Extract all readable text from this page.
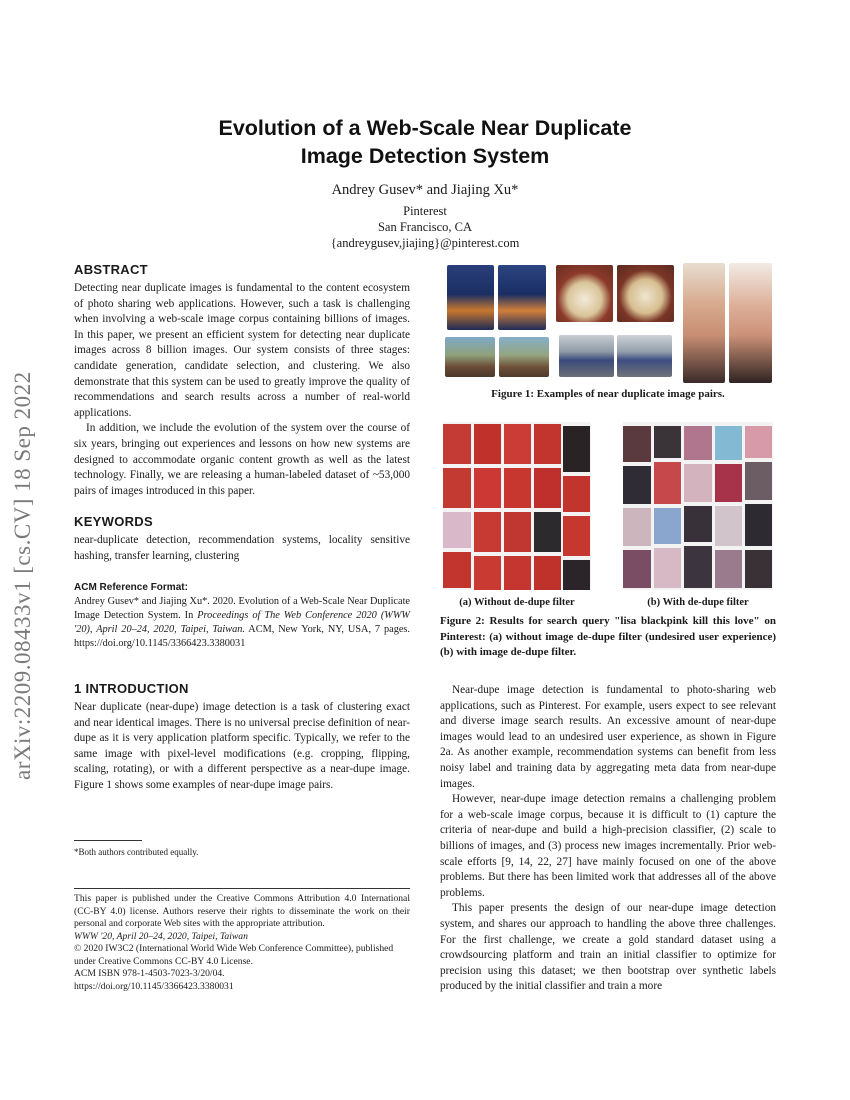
arXiv:2209.08433v1 [cs.CV] 18 Sep 2022
Evolution of a Web-Scale Near Duplicate
Image Detection System
Andrey Gusev* and Jiajing Xu*
Pinterest
San Francisco, CA
{andreygusev,jiajing}@pinterest.com
ABSTRACT

Detecting near duplicate images is fundamental to the content ecosystem of photo sharing web applications. However, such a task is challenging when involving a web-scale image corpus containing billions of images. In this paper, we present an efficient system for detecting near duplicate images across 8 billion images. Our system consists of three stages: candidate generation, candidate selection, and clustering. We also demonstrate that this system can be used to greatly improve the quality of recommendations and search results across a number of real-world applications.

In addition, we include the evolution of the system over the course of six years, bringing out experiences and lessons on how new systems are designed to accommodate organic content growth as well as the latest technology. Finally, we are releasing a human-labeled dataset of ~53,000 pairs of images introduced in this paper.

KEYWORDS

near-duplicate detection, recommendation systems, locality sensitive hashing, transfer learning, clustering

ACM Reference Format:

Andrey Gusev* and Jiajing Xu*. 2020. Evolution of a Web-Scale Near Duplicate Image Detection System. In Proceedings of The Web Conference 2020 (WWW '20), April 20–24, 2020, Taipei, Taiwan. ACM, New York, NY, USA, 7 pages. https://doi.org/10.1145/3366423.3380031

1 INTRODUCTION

Near duplicate (near-dupe) image detection is a task of clustering exact and near identical images. There is no universal precise definition of near-dupe as it is very application platform specific. Typically, we refer to the same image with pixel-level modifications (e.g. cropping, flipping, scaling, rotating), or with a different perspective as a near-dupe image. Figure 1 shows some examples of near-dupe image pairs.

*Both authors contributed equally.
This paper is published under the Creative Commons Attribution 4.0 International (CC-BY 4.0) license. Authors reserve their rights to disseminate the work on their personal and corporate Web sites with the appropriate attribution.
WWW '20, April 20–24, 2020, Taipei, Taiwan
© 2020 IW3C2 (International World Wide Web Conference Committee), published under Creative Commons CC-BY 4.0 License.
ACM ISBN 978-1-4503-7023-3/20/04.
https://doi.org/10.1145/3366423.3380031
Figure 1: Examples of near duplicate image pairs.
(a) Without de-dupe filter	(b) With de-dupe filter
Figure 2: Results for search query "lisa blackpink kill this love" on Pinterest: (a) without image de-dupe filter (undesired user experience) (b) with image de-dupe filter.

Near-dupe image detection is fundamental to photo-sharing web applications, such as Pinterest. For example, users expect to see relevant and diverse image search results. An excessive amount of near-dupe images would lead to an undesired user experience, as shown in Figure 2a. As another example, recommendation systems can benefit from less noisy label and training data by aggregating meta data from near-dupe images.

However, near-dupe image detection remains a challenging problem for a web-scale image corpus, because it is difficult to (1) capture the criteria of near-dupe and build a high-precision classifier, (2) scale to billions of images, and (3) process new images incrementally. Prior web-scale efforts [9, 14, 22, 27] have mainly focused on one of the above problems. But there has been limited work that addresses all of the above problems.

This paper presents the design of our near-dupe image detection system, and shares our approach to handling the above three challenges. For the first challenge, we create a gold standard dataset using a crowdsourcing platform and train an initial classifier to optimize for precision using this dataset; we then bootstrap over synthetic labels produced by the initial classifier and train a more
